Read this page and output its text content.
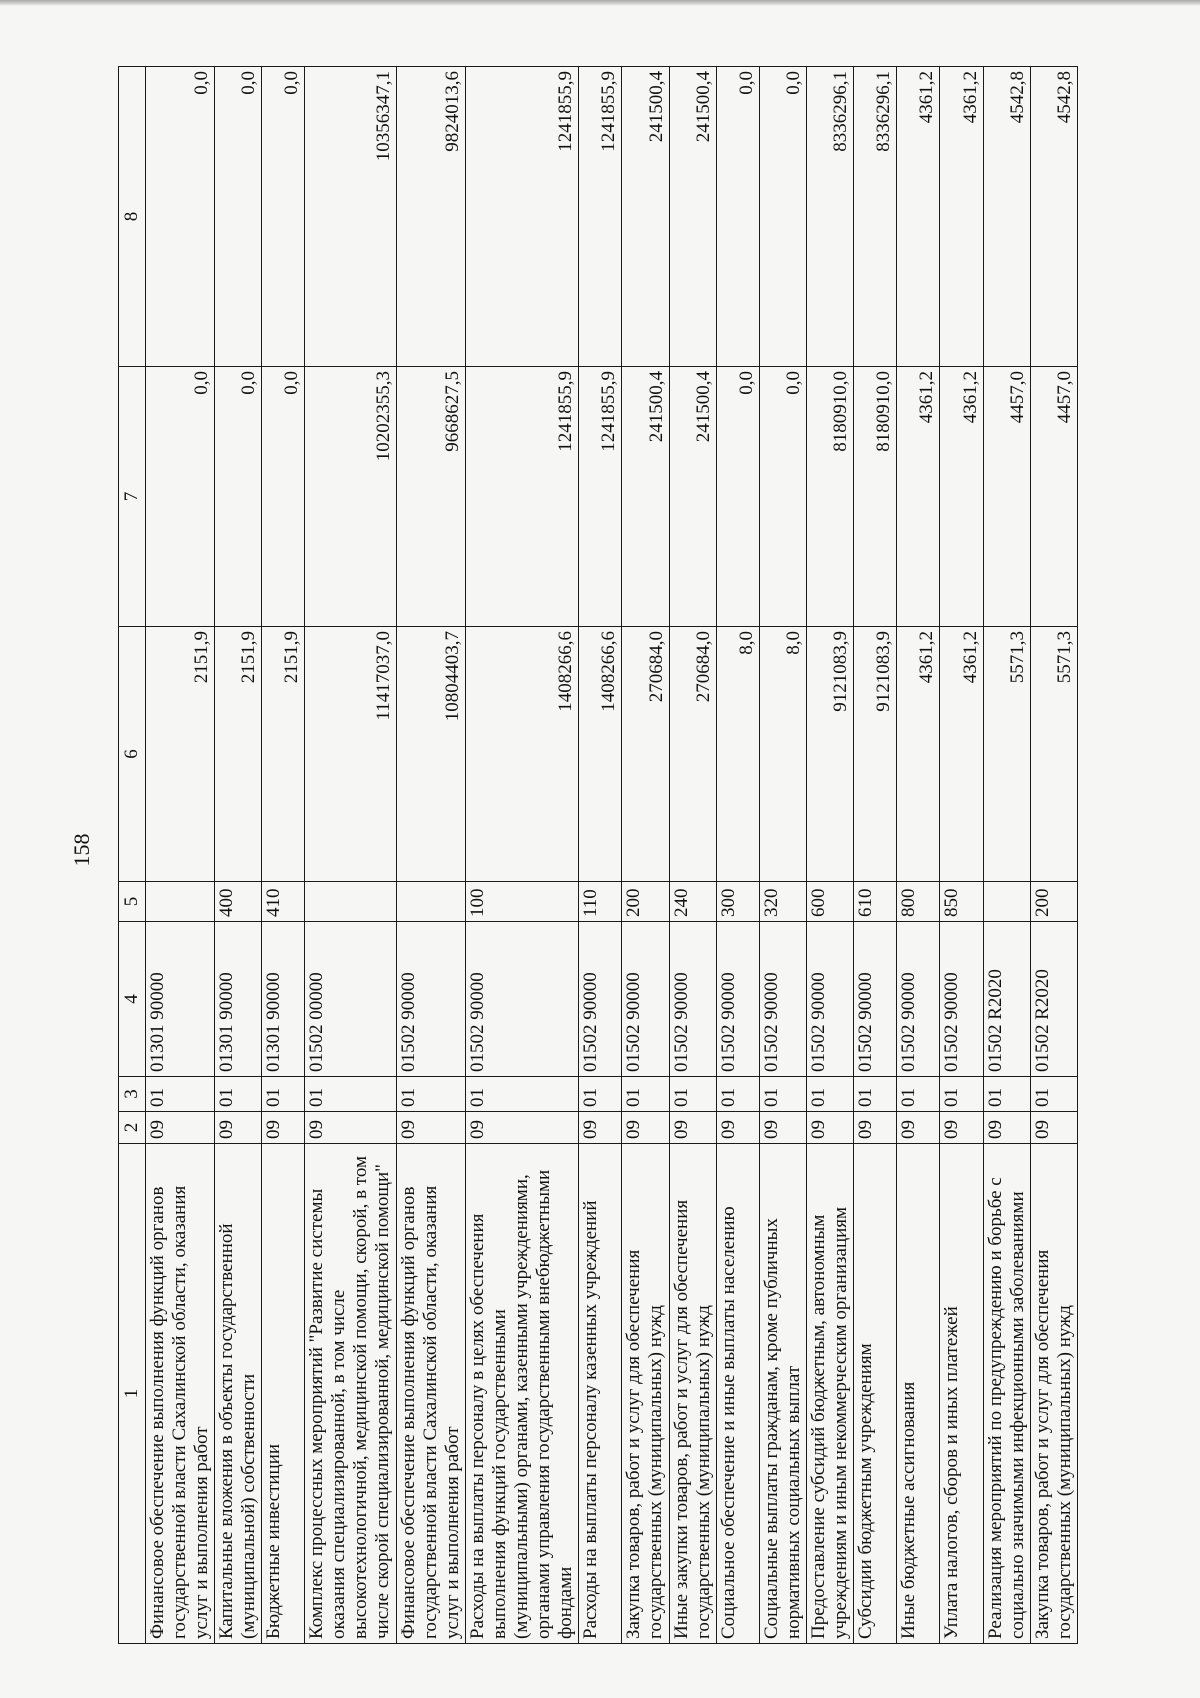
158
1	2	3	4	5	6	7	8
Финансовое обеспечение выполнения функций органов государственной власти Сахалинской области, оказания услуг и выполнения работ	09	01	01301 90000		2151,9	0,0	0,0
Капитальные вложения в объекты государственной (муниципальной) собственности	09	01	01301 90000	400	2151,9	0,0	0,0
Бюджетные инвестиции	09	01	01301 90000	410	2151,9	0,0	0,0
Комплекс процессных мероприятий "Развитие системы оказания специализированной, в том числе высокотехнологичной, медицинской помощи, скорой, в том числе скорой специализированной, медицинской помощи"	09	01	01502 00000		11417037,0	10202355,3	10356347,1
Финансовое обеспечение выполнения функций органов государственной власти Сахалинской области, оказания услуг и выполнения работ	09	01	01502 90000		10804403,7	9668627,5	9824013,6
Расходы на выплаты персоналу в целях обеспечения выполнения функций государственными (муниципальными) органами, казенными учреждениями, органами управления государственными внебюджетными фондами	09	01	01502 90000	100	1408266,6	1241855,9	1241855,9
Расходы на выплаты персоналу казенных учреждений	09	01	01502 90000	110	1408266,6	1241855,9	1241855,9
Закупка товаров, работ и услуг для обеспечения государственных (муниципальных) нужд	09	01	01502 90000	200	270684,0	241500,4	241500,4
Иные закупки товаров, работ и услуг для обеспечения государственных (муниципальных) нужд	09	01	01502 90000	240	270684,0	241500,4	241500,4
Социальное обеспечение и иные выплаты населению	09	01	01502 90000	300	8,0	0,0	0,0
Социальные выплаты гражданам, кроме публичных нормативных социальных выплат	09	01	01502 90000	320	8,0	0,0	0,0
Предоставление субсидий бюджетным, автономным учреждениям и иным некоммерческим организациям	09	01	01502 90000	600	9121083,9	8180910,0	8336296,1
Субсидии бюджетным учреждениям	09	01	01502 90000	610	9121083,9	8180910,0	8336296,1
Иные бюджетные ассигнования	09	01	01502 90000	800	4361,2	4361,2	4361,2
Уплата налогов, сборов и иных платежей	09	01	01502 90000	850	4361,2	4361,2	4361,2
Реализация мероприятий по предупреждению и борьбе с социально значимыми инфекционными заболеваниями	09	01	01502 R2020		5571,3	4457,0	4542,8
Закупка товаров, работ и услуг для обеспечения государственных (муниципальных) нужд	09	01	01502 R2020	200	5571,3	4457,0	4542,8
